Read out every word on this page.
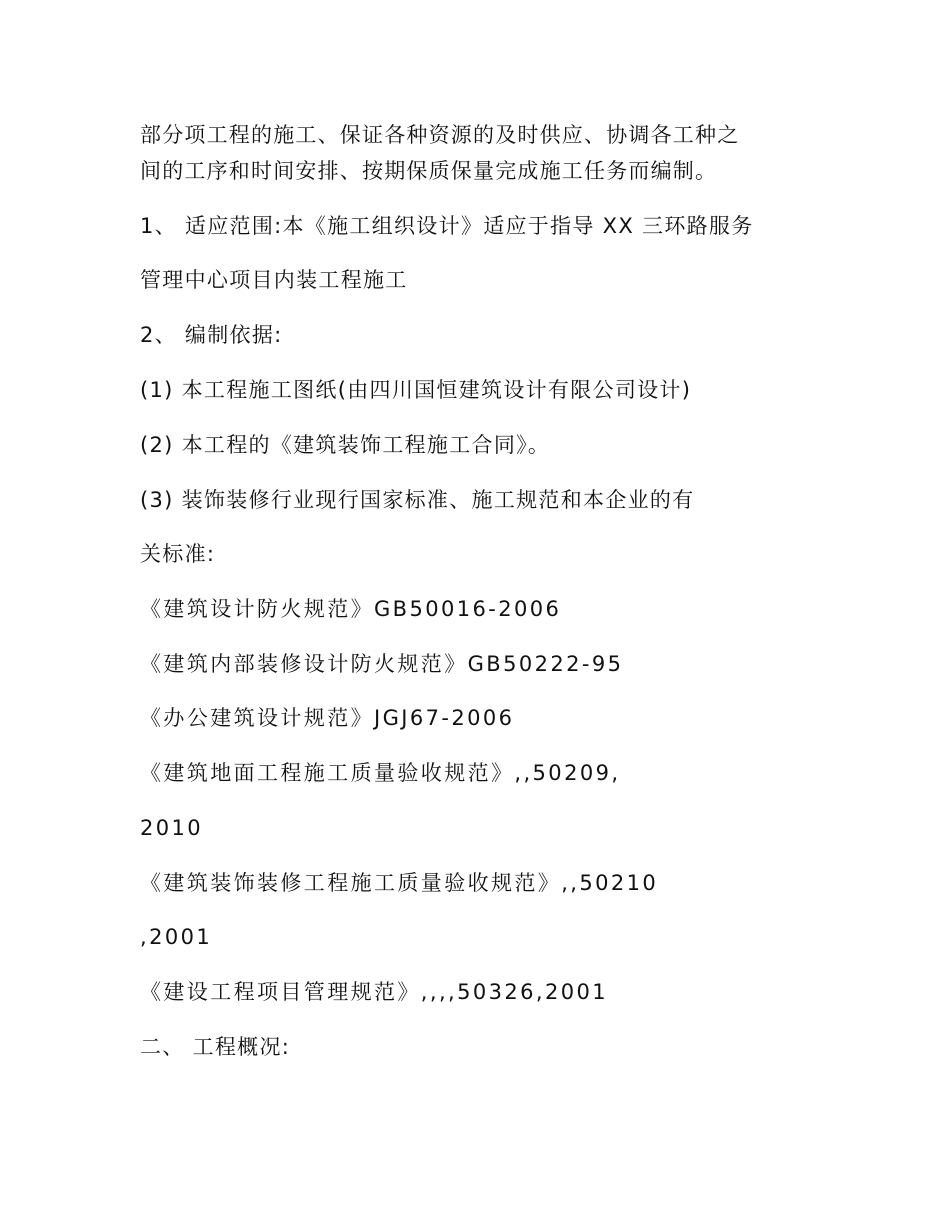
部分项工程的施工、保证各种资源的及时供应、协调各工种之
间的工序和时间安排、按期保质保量完成施工任务而编制。
1、 适应范围:本《施工组织设计》适应于指导 XX 三环路服务
管理中心项目内装工程施工
2、 编制依据:
(1) 本工程施工图纸(由四川国恒建筑设计有限公司设计)
(2) 本工程的《建筑装饰工程施工合同》。
(3) 装饰装修行业现行国家标准、施工规范和本企业的有
关标准:
《建筑设计防火规范》GB50016-2006
《建筑内部装修设计防火规范》GB50222-95
《办公建筑设计规范》JGJ67-2006
《建筑地面工程施工质量验收规范》,,50209,
2010
《建筑装饰装修工程施工质量验收规范》,,50210
,2001
《建设工程项目管理规范》,,,,50326,2001
二、 工程概况:
